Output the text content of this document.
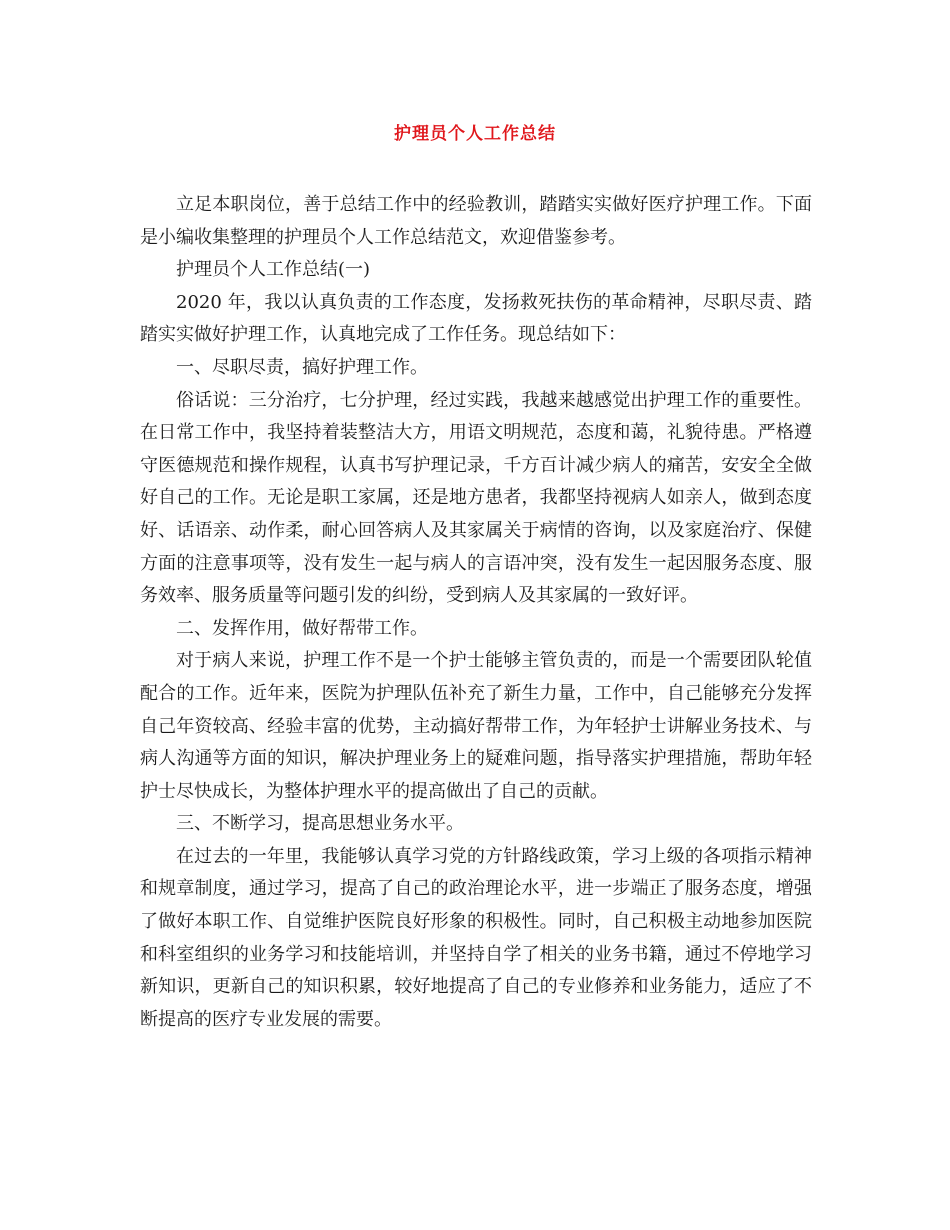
护理员个人工作总结

立足本职岗位，善于总结工作中的经验教训，踏踏实实做好医疗护理工作。下面是小编收集整理的护理员个人工作总结范文，欢迎借鉴参考。

护理员个人工作总结(一)

2020 年，我以认真负责的工作态度，发扬救死扶伤的革命精神，尽职尽责、踏踏实实做好护理工作，认真地完成了工作任务。现总结如下：

一、尽职尽责，搞好护理工作。

俗话说：三分治疗，七分护理，经过实践，我越来越感觉出护理工作的重要性。在日常工作中，我坚持着装整洁大方，用语文明规范，态度和蔼，礼貌待患。严格遵守医德规范和操作规程，认真书写护理记录，千方百计减少病人的痛苦，安安全全做好自己的工作。无论是职工家属，还是地方患者，我都坚持视病人如亲人，做到态度好、话语亲、动作柔，耐心回答病人及其家属关于病情的咨询，以及家庭治疗、保健方面的注意事项等，没有发生一起与病人的言语冲突，没有发生一起因服务态度、服务效率、服务质量等问题引发的纠纷，受到病人及其家属的一致好评。

二、发挥作用，做好帮带工作。

对于病人来说，护理工作不是一个护士能够主管负责的，而是一个需要团队轮值配合的工作。近年来，医院为护理队伍补充了新生力量，工作中，自己能够充分发挥自己年资较高、经验丰富的优势，主动搞好帮带工作，为年轻护士讲解业务技术、与病人沟通等方面的知识，解决护理业务上的疑难问题，指导落实护理措施，帮助年轻护士尽快成长，为整体护理水平的提高做出了自己的贡献。

三、不断学习，提高思想业务水平。

在过去的一年里，我能够认真学习党的方针路线政策，学习上级的各项指示精神和规章制度，通过学习，提高了自己的政治理论水平，进一步端正了服务态度，增强了做好本职工作、自觉维护医院良好形象的积极性。同时，自己积极主动地参加医院和科室组织的业务学习和技能培训，并坚持自学了相关的业务书籍，通过不停地学习新知识，更新自己的知识积累，较好地提高了自己的专业修养和业务能力，适应了不断提高的医疗专业发展的需要。
